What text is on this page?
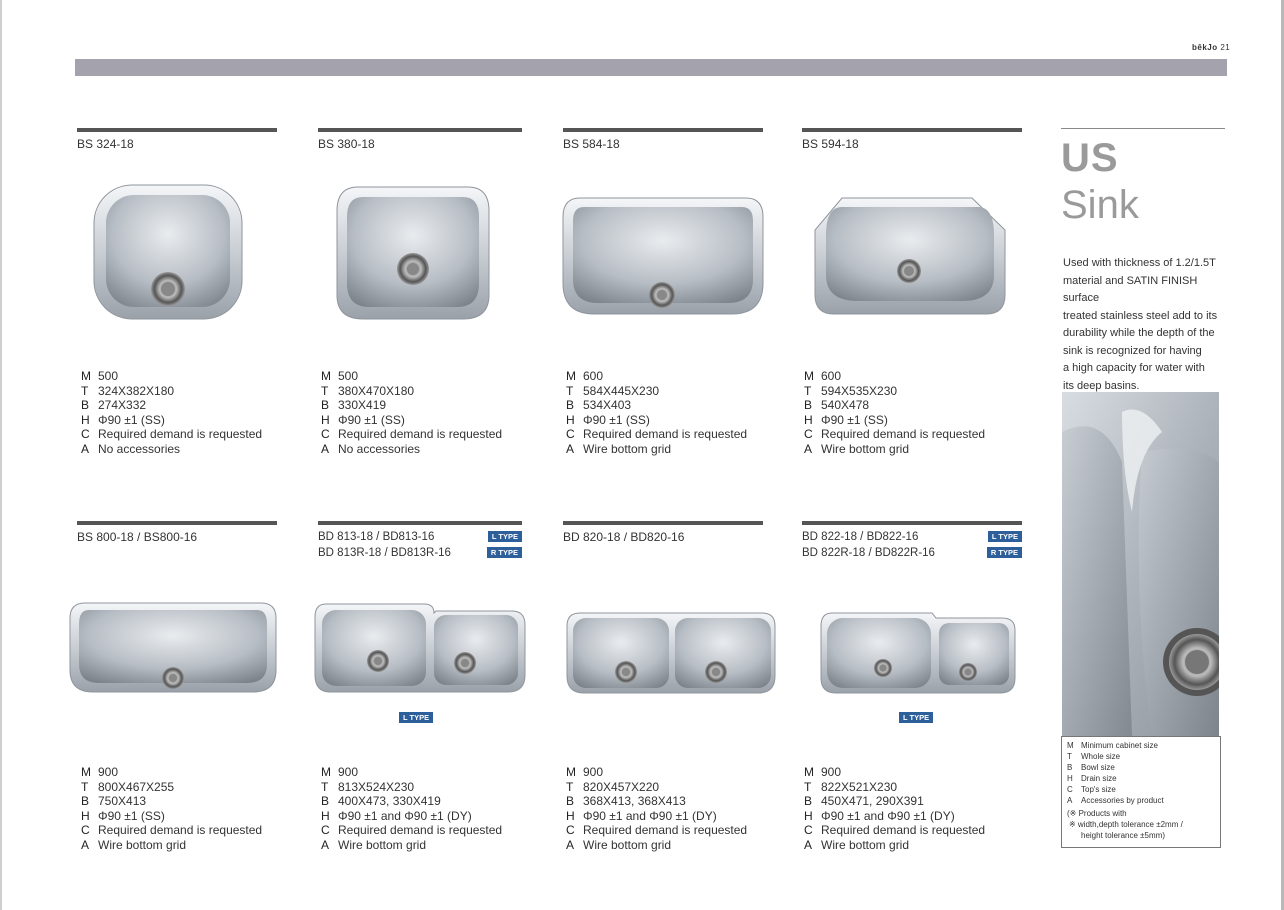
bêkJo 21
BS 324-18
M 500
T 324X382X180
B 274X332
H Φ90 ±1 (SS)
C Required demand is requested
A No accessories
BS 380-18
M 500
T 380X470X180
B 330X419
H Φ90 ±1 (SS)
C Required demand is requested
A No accessories
BS 584-18
M 600
T 584X445X230
B 534X403
H Φ90 ±1 (SS)
C Required demand is requested
A Wire bottom grid
BS 594-18
M 600
T 594X535X230
B 540X478
H Φ90 ±1 (SS)
C Required demand is requested
A Wire bottom grid
BS 800-18 / BS800-16
M 900
T 800X467X255
B 750X413
H Φ90 ±1 (SS)
C Required demand is requested
A Wire bottom grid
BD 813-18 / BD813-16	L TYPE
BD 813R-18 / BD813R-16	R TYPE
L TYPE
M 900
T 813X524X230
B 400X473, 330X419
H Φ90 ±1 and Φ90 ±1 (DY)
C Required demand is requested
A Wire bottom grid
BD 820-18 / BD820-16
M 900
T 820X457X220
B 368X413, 368X413
H Φ90 ±1 and Φ90 ±1 (DY)
C Required demand is requested
A Wire bottom grid
BD 822-18 / BD822-16	L TYPE
BD 822R-18 / BD822R-16	R TYPE
L TYPE
M 900
T 822X521X230
B 450X471, 290X391
H Φ90 ±1 and Φ90 ±1 (DY)
C Required demand is requested
A Wire bottom grid
US
Sink
Used with thickness of 1.2/1.5T
material and SATIN FINISH surface
treated stainless steel add to its
durability while the depth of the
sink is recognized for having
a high capacity for water with
its deep basins.
M Minimum cabinet size
T Whole size
B Bowl size
H Drain size
C Top's size
A Accessories by product
(※ Products with
※ width,depth tolerance ±2mm /
height tolerance ±5mm)
